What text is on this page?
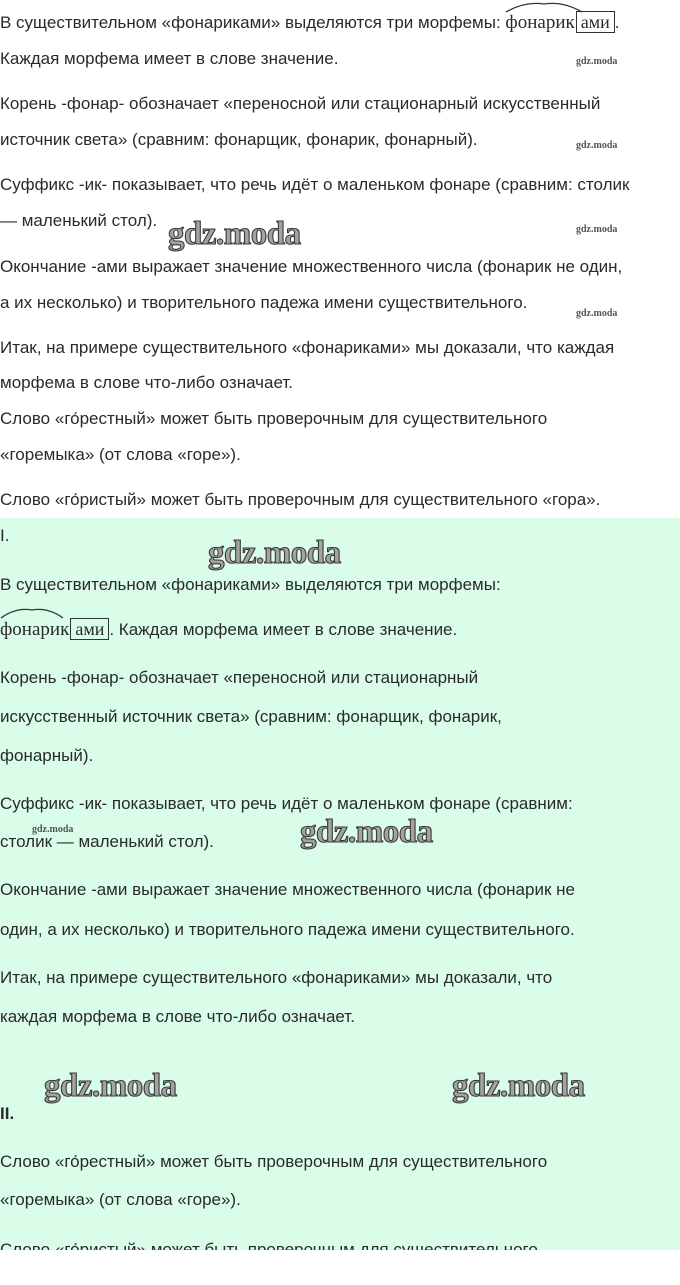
В существительном «фонариками» выделяются три морфемы: фонарик ами .

Каждая морфема имеет в слове значение.

Корень -фонар- обозначает «переносной или стационарный искусственный

источник света» (сравним: фонарщик, фонарик, фонарный).

Суффикс -ик- показывает, что речь идёт о маленьком фонаре (сравним: столик

— маленький стол).

Окончание -ами выражает значение множественного числа (фонарик не один,

а их несколько) и творительного падежа имени существительного.

Итак, на примере существительного «фонариками» мы доказали, что каждая

морфема в слове что-либо означает.

Слово «го́рестный» может быть проверочным для существительного

«горемыка» (от слова «горе»).

Слово «го́ристый» может быть проверочным для существительного «гора».

gdz.moda
gdz.moda
gdz.moda
gdz.moda
gdz.moda

I.	gdz.moda

В существительном «фонариками» выделяются три морфемы:

фонарик ами . Каждая морфема имеет в слове значение.

Корень -фонар- обозначает «переносной или стационарный

искусственный источник света» (сравним: фонарщик, фонарик,

фонарный).

Суффикс -ик- показывает, что речь идёт о маленьком фонаре (сравним:

столик — маленький стол).

gdz.moda	gdz.moda

Окончание -ами выражает значение множественного числа (фонарик не

один, а их несколько) и творительного падежа имени существительного.

Итак, на примере существительного «фонариками» мы доказали, что

каждая морфема в слове что-либо означает.

gdz.moda	gdz.moda

II.

Слово «го́рестный» может быть проверочным для существительного

«горемыка» (от слова «горе»).
